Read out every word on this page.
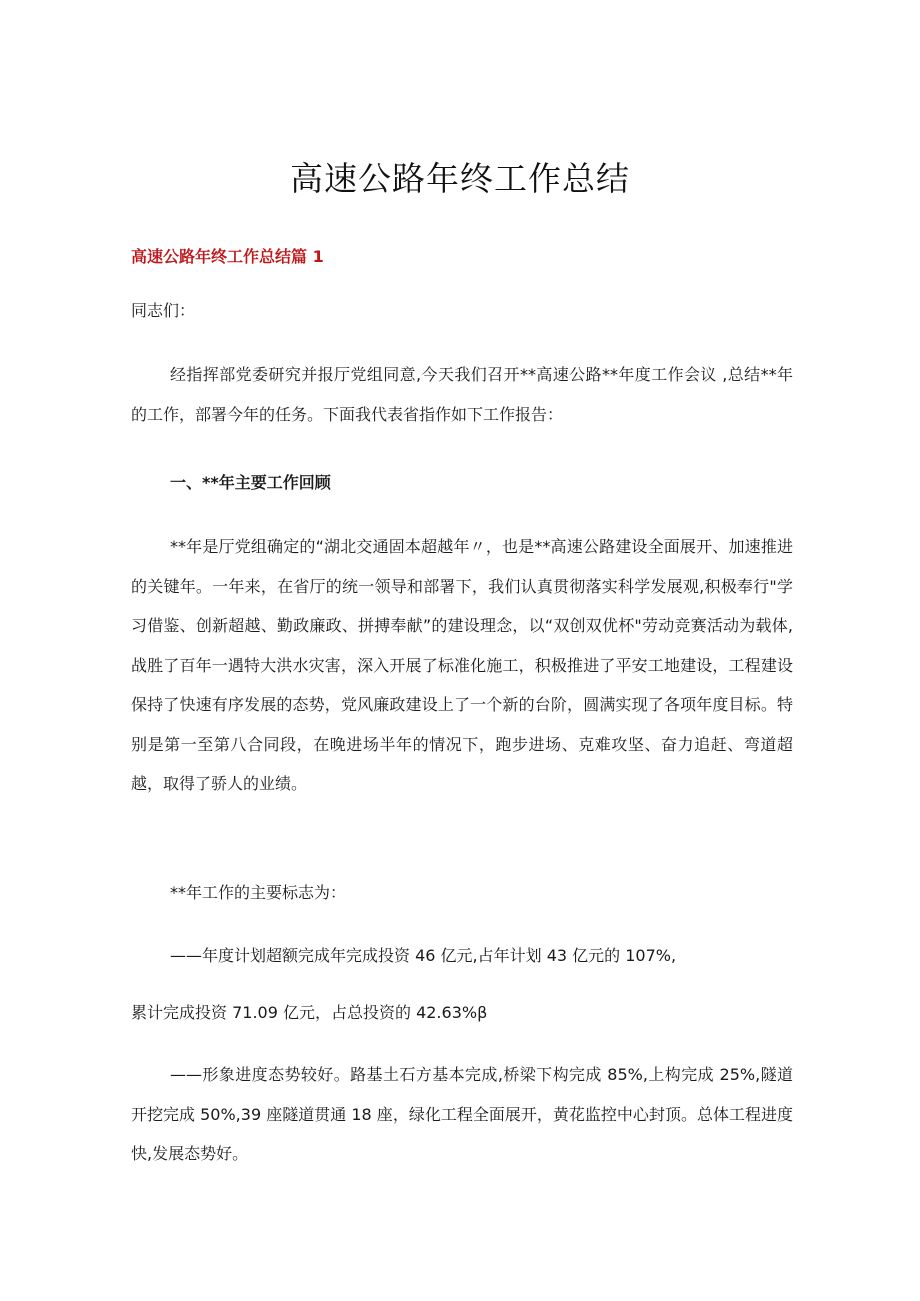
高速公路年终工作总结

高速公路年终工作总结篇 1

同志们：

经指挥部党委研究并报厅党组同意,今天我们召开**高速公路**年度工作会议 ,总结**年的工作，部署今年的任务。下面我代表省指作如下工作报告：

一、**年主要工作回顾

**年是厅党组确定的“湖北交通固本超越年〃，也是**高速公路建设全面展开、加速推进的关键年。一年来，在省厅的统一领导和部署下，我们认真贯彻落实科学发展观,积极奉行"学习借鉴、创新超越、勤政廉政、拼搏奉献”的建设理念，以“双创双优杯"劳动竞赛活动为载体,战胜了百年一遇特大洪水灾害，深入开展了标准化施工，积极推进了平安工地建设，工程建设保持了快速有序发展的态势，党风廉政建设上了一个新的台阶，圆满实现了各项年度目标。特别是第一至第八合同段，在晚进场半年的情况下，跑步进场、克难攻坚、奋力追赶、弯道超越，取得了骄人的业绩。

**年工作的主要标志为：

——年度计划超额完成年完成投资 46 亿元,占年计划 43 亿元的 107%,

累计完成投资 71.09 亿元，占总投资的 42.63%β

——形象进度态势较好。路基土石方基本完成,桥梁下构完成 85%,上构完成 25%,隧道开挖完成 50%,39 座隧道贯通 18 座，绿化工程全面展开，黄花监控中心封顶。总体工程进度快,发展态势好。
